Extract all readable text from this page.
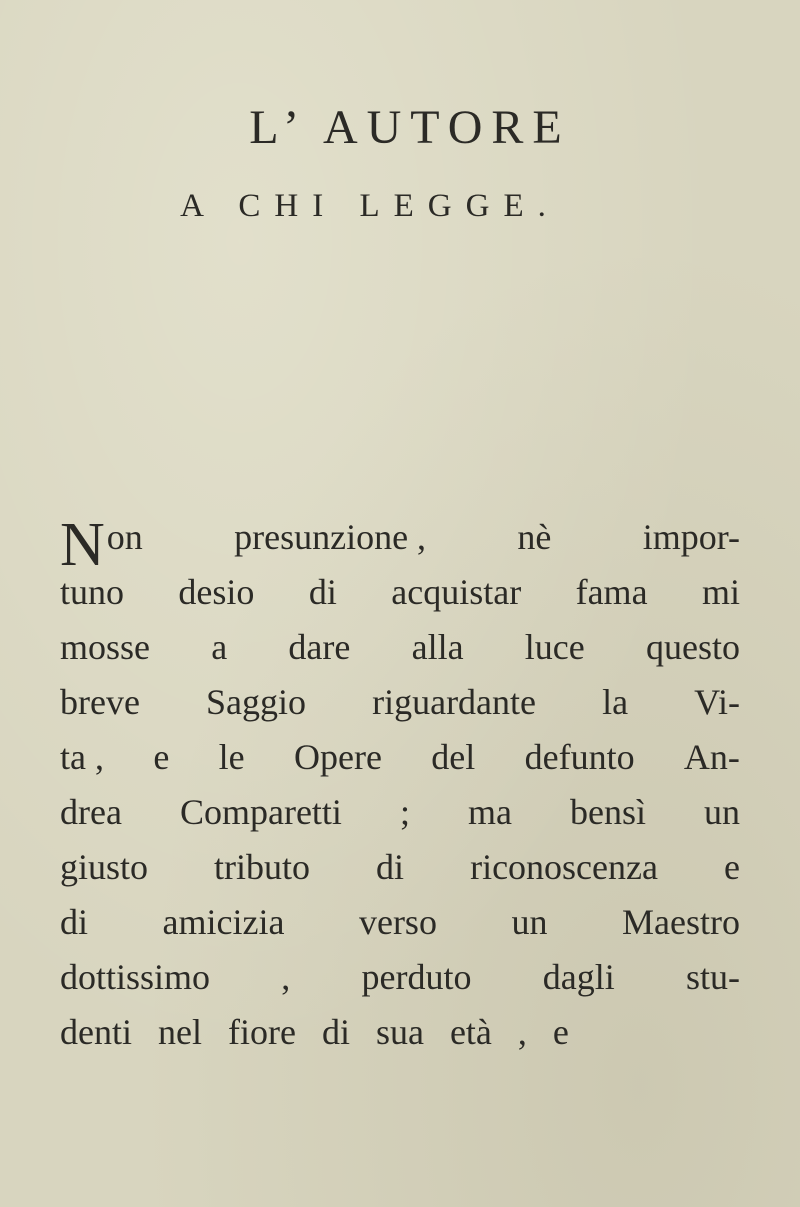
L’ AUTORE
A CHI LEGGE.
N on	presunzione ,	nè	impor-
tuno desio di acquistar fama mi
mosse a dare alla luce questo
breve Saggio riguardante la Vi-
ta , e le Opere del defunto An-
drea Comparetti ; ma bensì un
giusto tributo di riconoscenza e
di amicizia verso un Maestro
dottissimo , perduto dagli stu-
denti nel fiore di sua età , e
